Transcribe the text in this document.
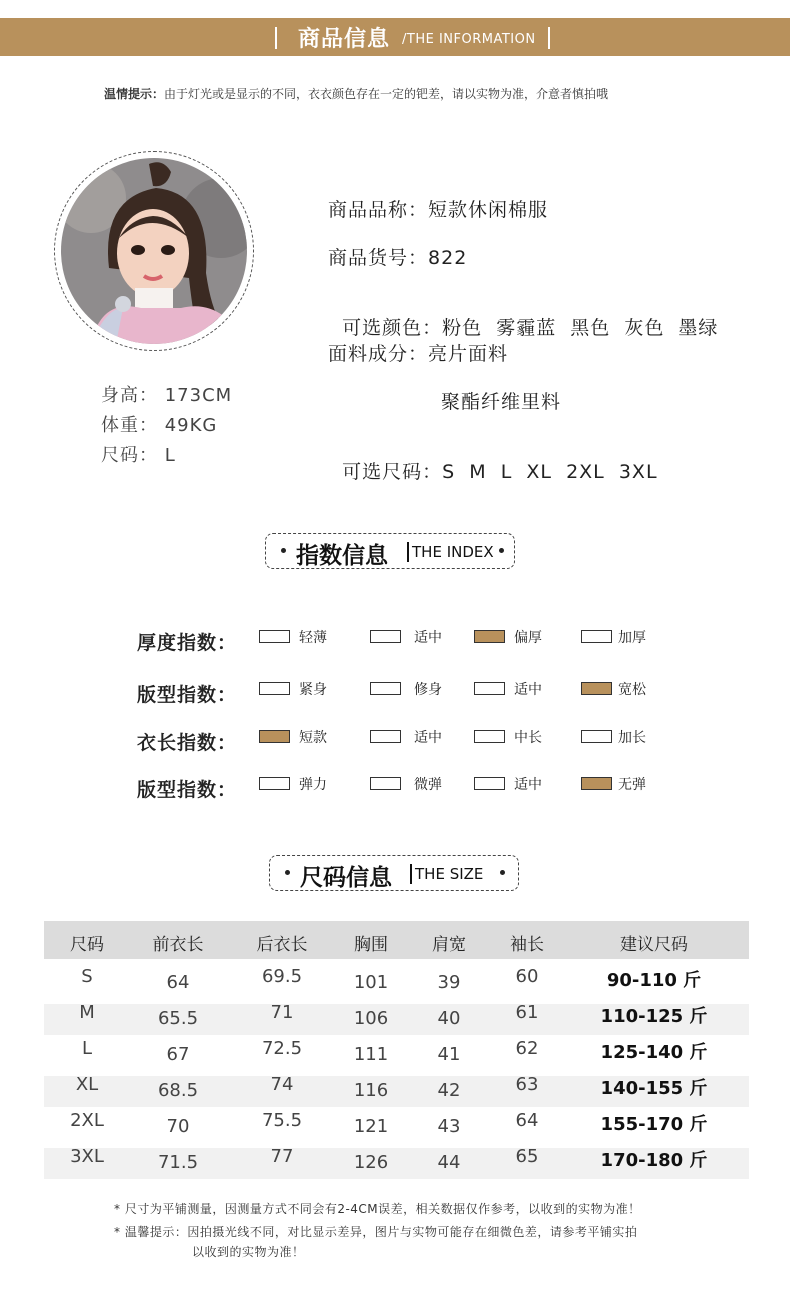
商品信息 /THE INFORMATION
温情提示：由于灯光或是显示的不同，衣衣颜色存在一定的钯差，请以实物为准，介意者慎拍哦
身高： 173CM
体重： 49KG
尺码： L
商品品称：短款休闲棉服
商品货号：822

可选颜色：粉色  雾霾蓝  黑色  灰色  墨绿

面料成分：亮片面料
聚酯纤维里料

可选尺码：S  M  L  XL  2XL  3XL

指数信息 THE INDEX
厚度指数：	轻薄	适中	偏厚	加厚
版型指数：	紧身	修身	适中	宽松
衣长指数：	短款	适中	中长	加长
版型指数：	弹力	微弹	适中	无弹
尺码信息 THE SIZE
尺码	前衣长	后衣长	胸围	肩宽	袖长	建议尺码
S	64	69.5	101	39	60	90-110 斤
M	65.5	71	106	40	61	110-125 斤
L	67	72.5	111	41	62	125-140 斤
XL	68.5	74	116	42	63	140-155 斤
2XL	70	75.5	121	43	64	155-170 斤
3XL	71.5	77	126	44	65	170-180 斤
* 尺寸为平铺测量，因测量方式不同会有2-4CM误差，相关数据仅作参考，以收到的实物为准！
* 温馨提示：因拍摄光线不同，对比显示差异，图片与实物可能存在细微色差，请参考平铺实拍
以收到的实物为准！
